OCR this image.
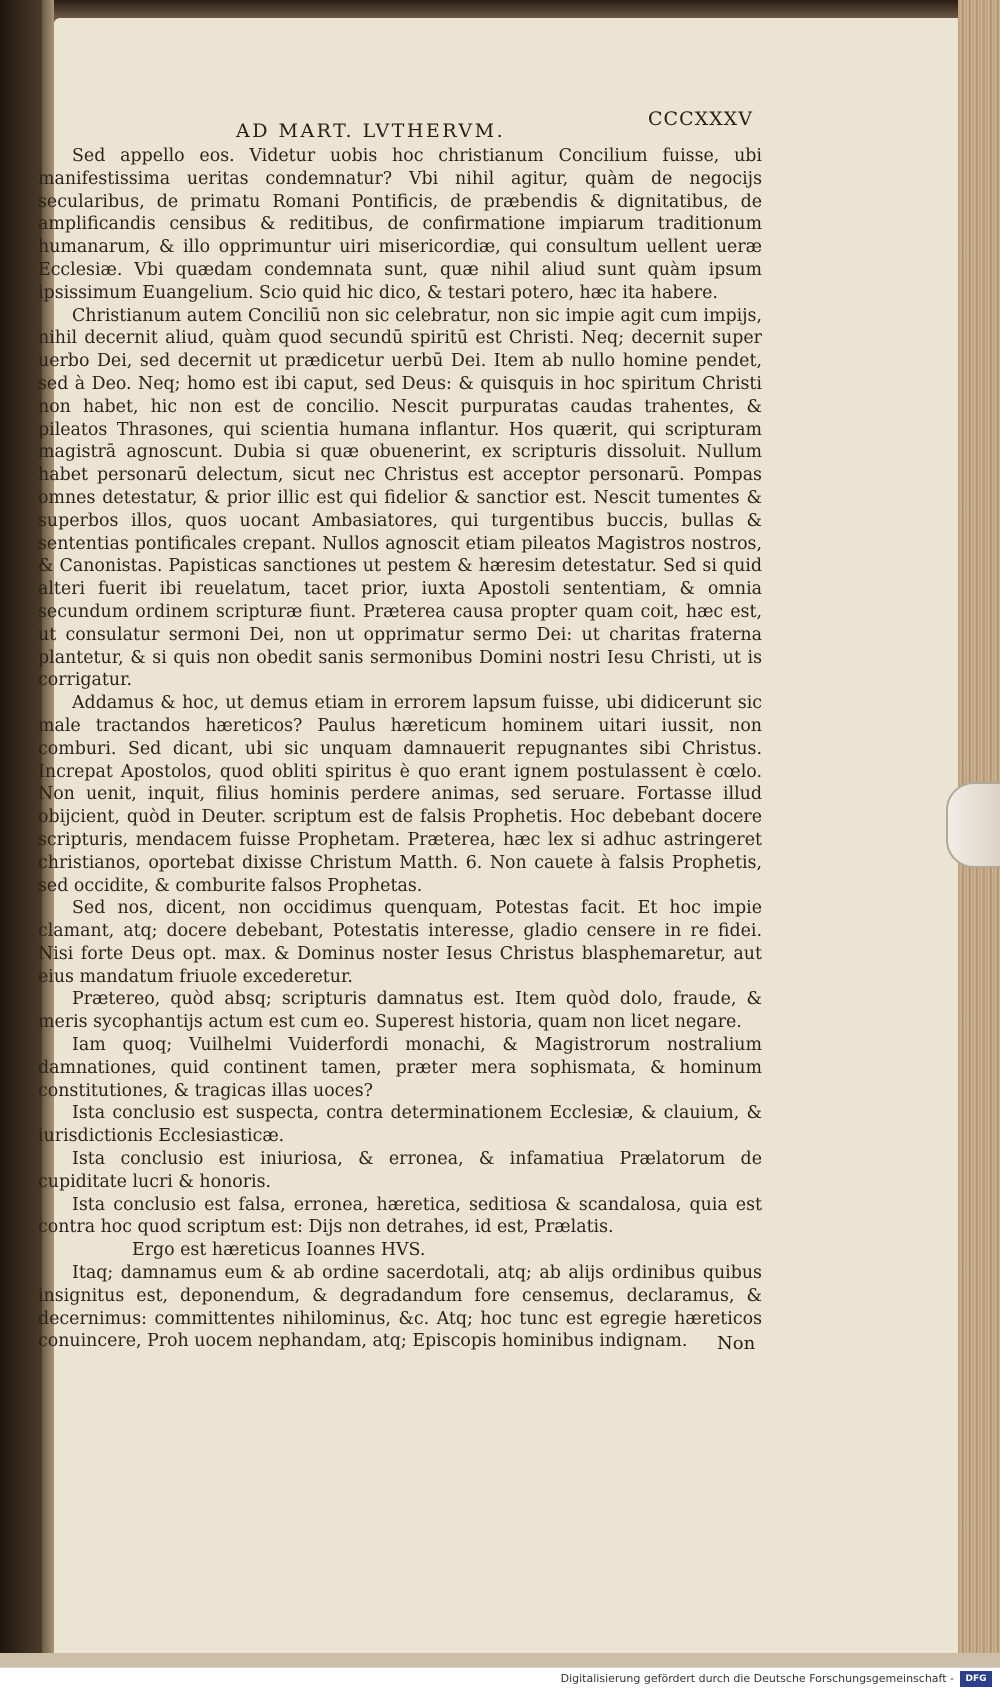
AD MART. LVTHERVM.
CCCXXXV

Sed appello eos. Videtur uobis hoc christianum Concilium fuisse, ubi manifestissima ueritas condemnatur? Vbi nihil agitur, quàm de negocijs secularibus, de primatu Romani Pontificis, de præbendis & dignitatibus, de amplificandis censibus & reditibus, de confirmatione impiarum traditionum humanarum, & illo opprimuntur uiri misericordiæ, qui consultum uellent ueræ Ecclesiæ. Vbi quædam condemnata sunt, quæ nihil aliud sunt quàm ipsum ipsissimum Euangelium. Scio quid hic dico, & testari potero, hæc ita habere.

Christianum autem Conciliū non sic celebratur, non sic impie agit cum impijs, nihil decernit aliud, quàm quod secundū spiritū est Christi. Neq; decernit super uerbo Dei, sed decernit ut prædicetur uerbū Dei. Item ab nullo homine pendet, sed à Deo. Neq; homo est ibi caput, sed Deus: & quisquis in hoc spiritum Christi non habet, hic non est de concilio. Nescit purpuratas caudas trahentes, & pileatos Thrasones, qui scientia humana inflantur. Hos quærit, qui scripturam magistrā agnoscunt. Dubia si quæ obuenerint, ex scripturis dissoluit. Nullum habet personarū delectum, sicut nec Christus est acceptor personarū. Pompas omnes detestatur, & prior illic est qui fidelior & sanctior est. Nescit tumentes & superbos illos, quos uocant Ambasiatores, qui turgentibus buccis, bullas & sententias pontificales crepant. Nullos agnoscit etiam pileatos Magistros nostros, & Canonistas. Papisticas sanctiones ut pestem & hæresim detestatur. Sed si quid alteri fuerit ibi reuelatum, tacet prior, iuxta Apostoli sententiam, & omnia secundum ordinem scripturæ fiunt. Præterea causa propter quam coit, hæc est, ut consulatur sermoni Dei, non ut opprimatur sermo Dei: ut charitas fraterna plantetur, & si quis non obedit sanis sermonibus Domini nostri Iesu Christi, ut is corrigatur.

Addamus & hoc, ut demus etiam in errorem lapsum fuisse, ubi didicerunt sic male tractandos hæreticos? Paulus hæreticum hominem uitari iussit, non comburi. Sed dicant, ubi sic unquam damnauerit repugnantes sibi Christus. Increpat Apostolos, quod obliti spiritus è quo erant ignem postulassent è cœlo. Non uenit, inquit, filius hominis perdere animas, sed seruare. Fortasse illud obijcient, quòd in Deuter. scriptum est de falsis Prophetis. Hoc debebant docere scripturis, mendacem fuisse Prophetam. Præterea, hæc lex si adhuc astringeret christianos, oportebat dixisse Christum Matth. 6. Non cauete à falsis Prophetis, sed occidite, & comburite falsos Prophetas.

Sed nos, dicent, non occidimus quenquam, Potestas facit. Et hoc impie clamant, atq; docere debebant, Potestatis interesse, gladio censere in re fidei. Nisi forte Deus opt. max. & Dominus noster Iesus Christus blasphemaretur, aut eius mandatum friuole excederetur.

Prætereo, quòd absq; scripturis damnatus est. Item quòd dolo, fraude, & meris sycophantijs actum est cum eo. Superest historia, quam non licet negare.

Iam quoq; Vuilhelmi Vuiderfordi monachi, & Magistrorum nostralium damnationes, quid continent tamen, præter mera sophismata, & hominum constitutiones, & tragicas illas uoces?

Ista conclusio est suspecta, contra determinationem Ecclesiæ, & clauium, & iurisdictionis Ecclesiasticæ.

Ista conclusio est iniuriosa, & erronea, & infamatiua Prælatorum de cupiditate lucri & honoris.

Ista conclusio est falsa, erronea, hæretica, seditiosa & scandalosa, quia est contra hoc quod scriptum est: Dijs non detrahes, id est, Prælatis.

Ergo est hæreticus Ioannes HVS.

Itaq; damnamus eum & ab ordine sacerdotali, atq; ab alijs ordinibus quibus insignitus est, deponendum, & degradandum fore censemus, declaramus, & decernimus: committentes nihilominus, &c. Atq; hoc tunc est egregie hæreticos conuincere, Proh uocem nephandam, atq; Episcopis hominibus indignam.	Non
Digitalisierung gefördert durch die Deutsche Forschungsgemeinschaft -	DFG
